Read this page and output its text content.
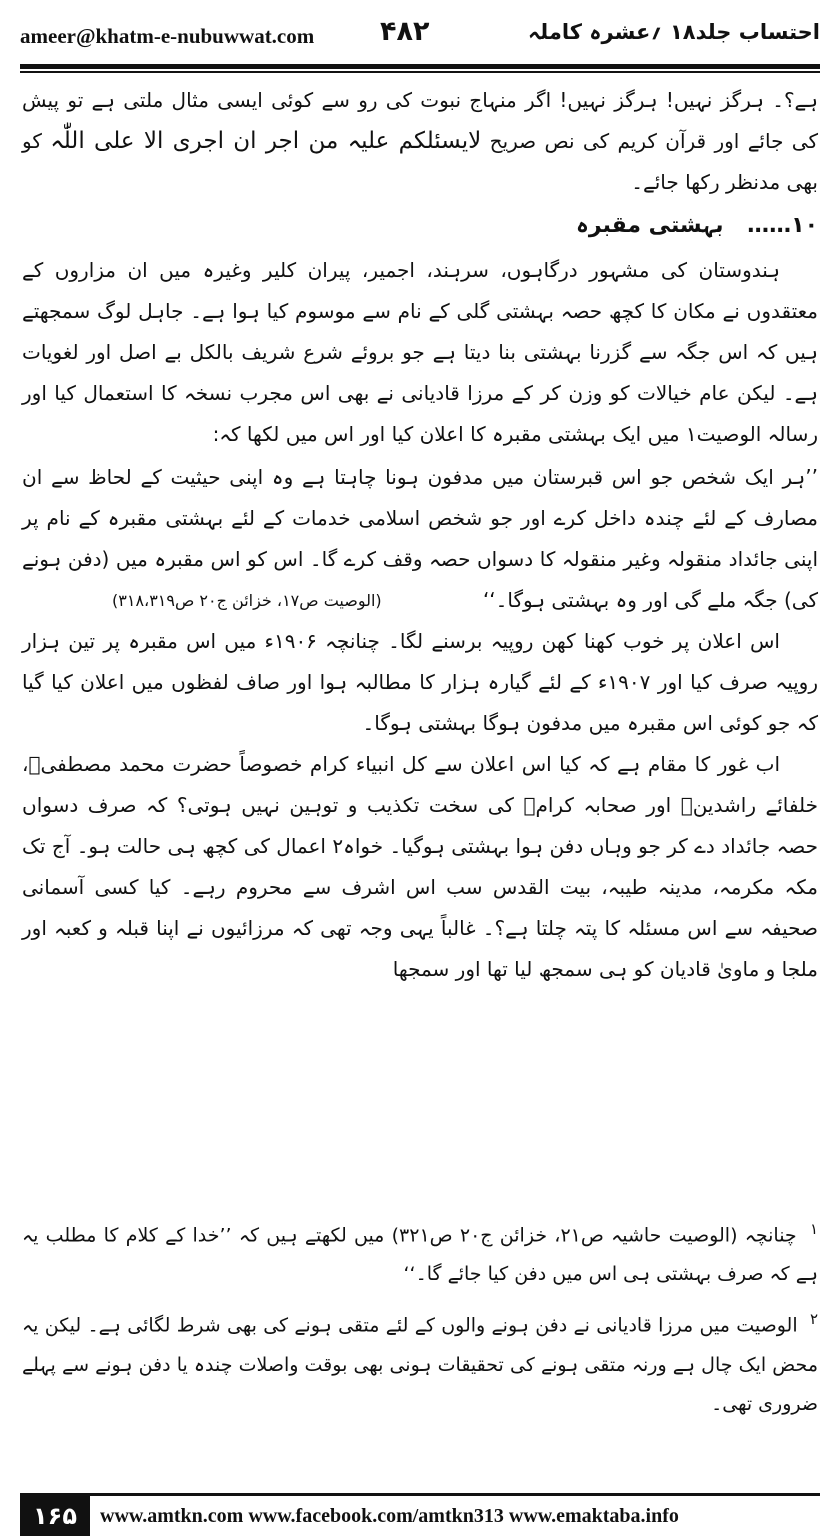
ameer@khatm-e-nubuwwat.com ۴۸۲	احتساب جلد۱۸ ؍عشرہ کاملہ

ہے؟۔ ہرگز نہیں! ہرگز نہیں! اگر منہاج نبوت کی رو سے کوئی ایسی مثال ملتی ہے تو پیش کی جائے اور قرآن کریم کی نص صریح لایسئلکم علیہ من اجر ان اجری الا علی اللّٰہ کو بھی مدنظر رکھا جائے۔

۱۰…… بہشتی مقبرہ

ہندوستان کی مشہور درگاہوں، سرہند، اجمیر، پیران کلیر وغیرہ میں ان مزاروں کے معتقدوں نے مکان کا کچھ حصہ بہشتی گلی کے نام سے موسوم کیا ہوا ہے۔ جاہل لوگ سمجھتے ہیں کہ اس جگہ سے گزرنا بہشتی بنا دیتا ہے جو بروئے شرع شریف بالکل بے اصل اور لغویات ہے۔ لیکن عام خیالات کو وزن کر کے مرزا قادیانی نے بھی اس مجرب نسخہ کا استعمال کیا اور رسالہ الوصیت۱ میں ایک بہشتی مقبرہ کا اعلان کیا اور اس میں لکھا کہ:

’’ہر ایک شخص جو اس قبرستان میں مدفون ہونا چاہتا ہے وہ اپنی حیثیت کے لحاظ سے ان مصارف کے لئے چندہ داخل کرے اور جو شخص اسلامی خدمات کے لئے بہشتی مقبرہ کے نام پر اپنی جائداد منقولہ وغیر منقولہ کا دسواں حصہ وقف کرے گا۔ اس کو اس مقبرہ میں (دفن ہونے کی) جگہ ملے گی اور وہ بہشتی ہوگا۔‘‘

(الوصیت ص۱۷، خزائن ج۲۰ ص۳۱۸،۳۱۹)

اس اعلان پر خوب کھنا کھن روپیہ برسنے لگا۔ چنانچہ ۱۹۰۶ء میں اس مقبرہ پر تین ہزار روپیہ صرف کیا اور ۱۹۰۷ء کے لئے گیارہ ہزار کا مطالبہ ہوا اور صاف لفظوں میں اعلان کیا گیا کہ جو کوئی اس مقبرہ میں مدفون ہوگا بہشتی ہوگا۔

اب غور کا مقام ہے کہ کیا اس اعلان سے کل انبیاء کرام خصوصاً حضرت محمد مصطفیﷺ، خلفائے راشدینؓ اور صحابہ کرامؓ کی سخت تکذیب و توہین نہیں ہوتی؟ کہ صرف دسواں حصہ جائداد دے کر جو وہاں دفن ہوا بہشتی ہوگیا۔ خواہ۲ اعمال کی کچھ ہی حالت ہو۔ آج تک مکہ مکرمہ، مدینہ طیبہ، بیت القدس سب اس اشرف سے محروم رہے۔ کیا کسی آسمانی صحیفہ سے اس مسئلہ کا پتہ چلتا ہے؟۔ غالباً یہی وجہ تھی کہ مرزائیوں نے اپنا قبلہ و کعبہ اور ملجا و ماویٰ قادیان کو ہی سمجھ لیا تھا اور سمجھا

$^۱$ چنانچہ (الوصیت حاشیہ ص۲۱، خزائن ج۲۰ ص۳۲۱) میں لکھتے ہیں کہ ’’خدا کے کلام کا مطلب یہ ہے کہ صرف بہشتی ہی اس میں دفن کیا جائے گا۔‘‘

$^۲$ الوصیت میں مرزا قادیانی نے دفن ہونے والوں کے لئے متقی ہونے کی بھی شرط لگائی ہے۔ لیکن یہ محض ایک چال ہے ورنہ متقی ہونے کی تحقیقات ہونی بھی بوقت واصلات چندہ یا دفن ہونے سے پہلے ضروری تھی۔

۱۶۵	www.amtkn.com www.facebook.com/amtkn313 www.emaktaba.info
